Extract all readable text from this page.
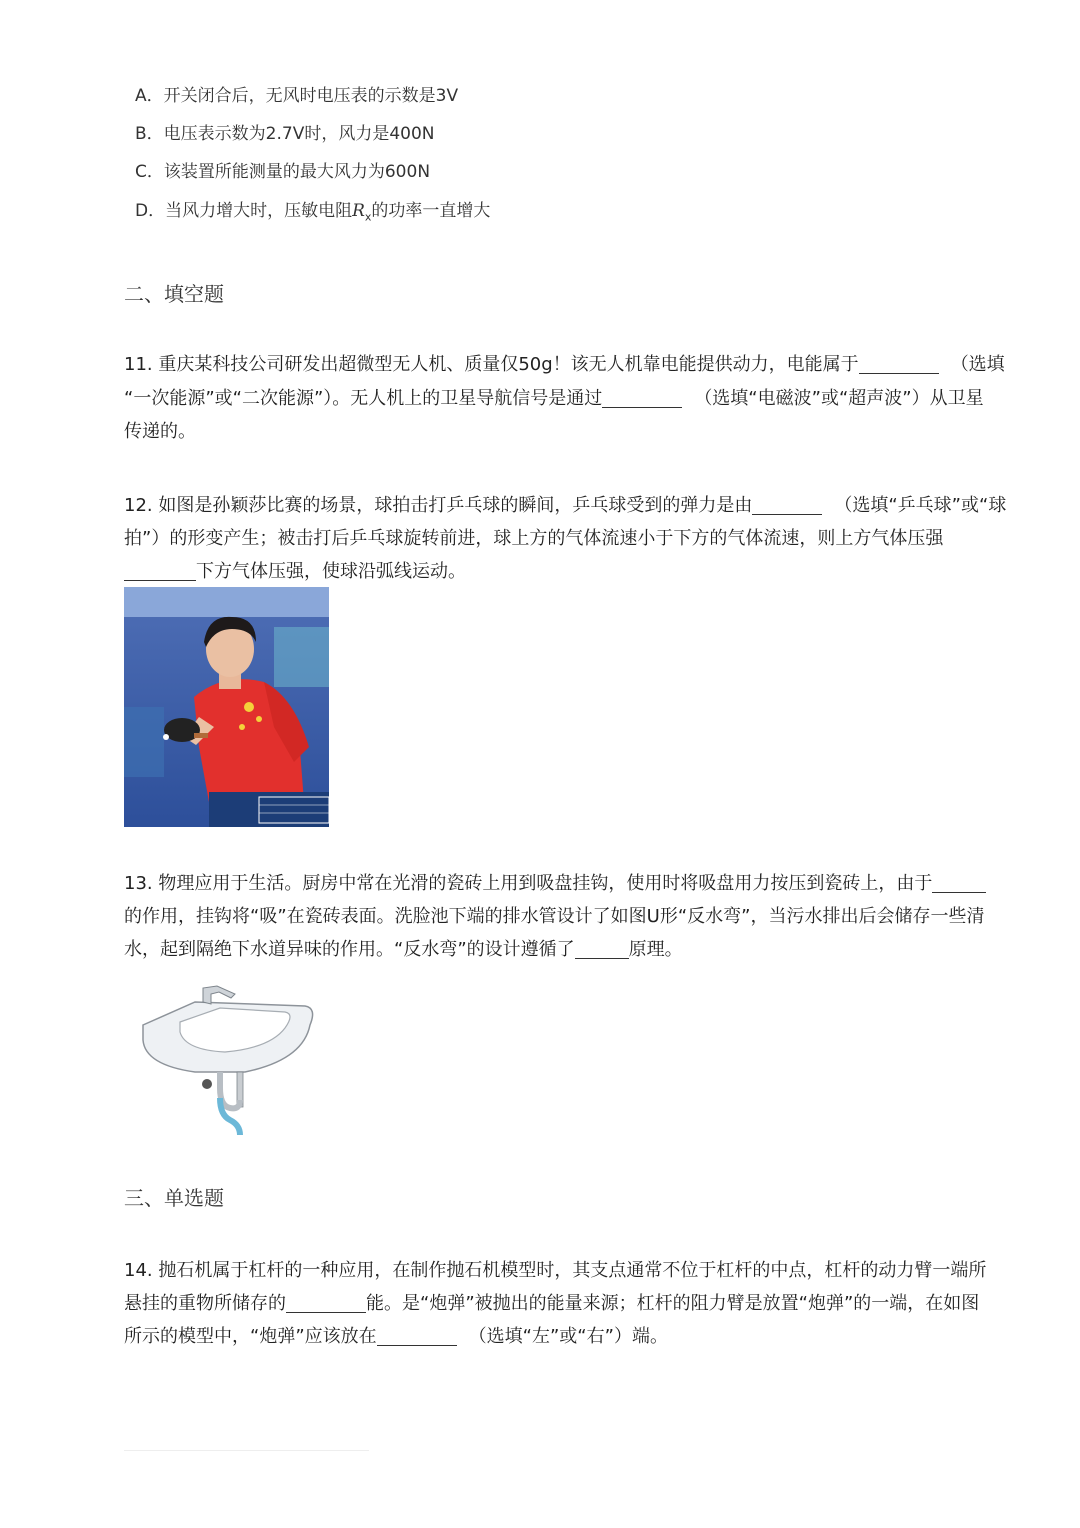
A．开关闭合后，无风时电压表的示数是3V
B．电压表示数为2.7V时，风力是400N
C．该装置所能测量的最大风力为600N
D．当风力增大时，压敏电阻$R_x$的功率一直增大
二、填空题
11. 重庆某科技公司研发出超微型无人机、质量仅50g！该无人机靠电能提供动力，电能属于	（选填
“一次能源”或“二次能源”）。无人机上的卫星导航信号是通过	（选填“电磁波”或“超声波”）从卫星
传递的。
12. 如图是孙颖莎比赛的场景，球拍击打乒乓球的瞬间，乒乓球受到的弹力是由	（选填“乒乓球”或“球
拍”）的形变产生；被击打后乒乓球旋转前进，球上方的气体流速小于下方的气体流速，则上方气体压强
下方气体压强，使球沿弧线运动。
13. 物理应用于生活。厨房中常在光滑的瓷砖上用到吸盘挂钩，使用时将吸盘用力按压到瓷砖上，由于
的作用，挂钩将“吸”在瓷砖表面。洗脸池下端的排水管设计了如图U形“反水弯”，当污水排出后会储存一些清
水，起到隔绝下水道异味的作用。“反水弯”的设计遵循了	原理。
三、单选题
14. 抛石机属于杠杆的一种应用，在制作抛石机模型时，其支点通常不位于杠杆的中点，杠杆的动力臂一端所
悬挂的重物所储存的	能。是“炮弹”被抛出的能量来源；杠杆的阻力臂是放置“炮弹”的一端，在如图
所示的模型中，“炮弹”应该放在	（选填“左”或“右”）端。
